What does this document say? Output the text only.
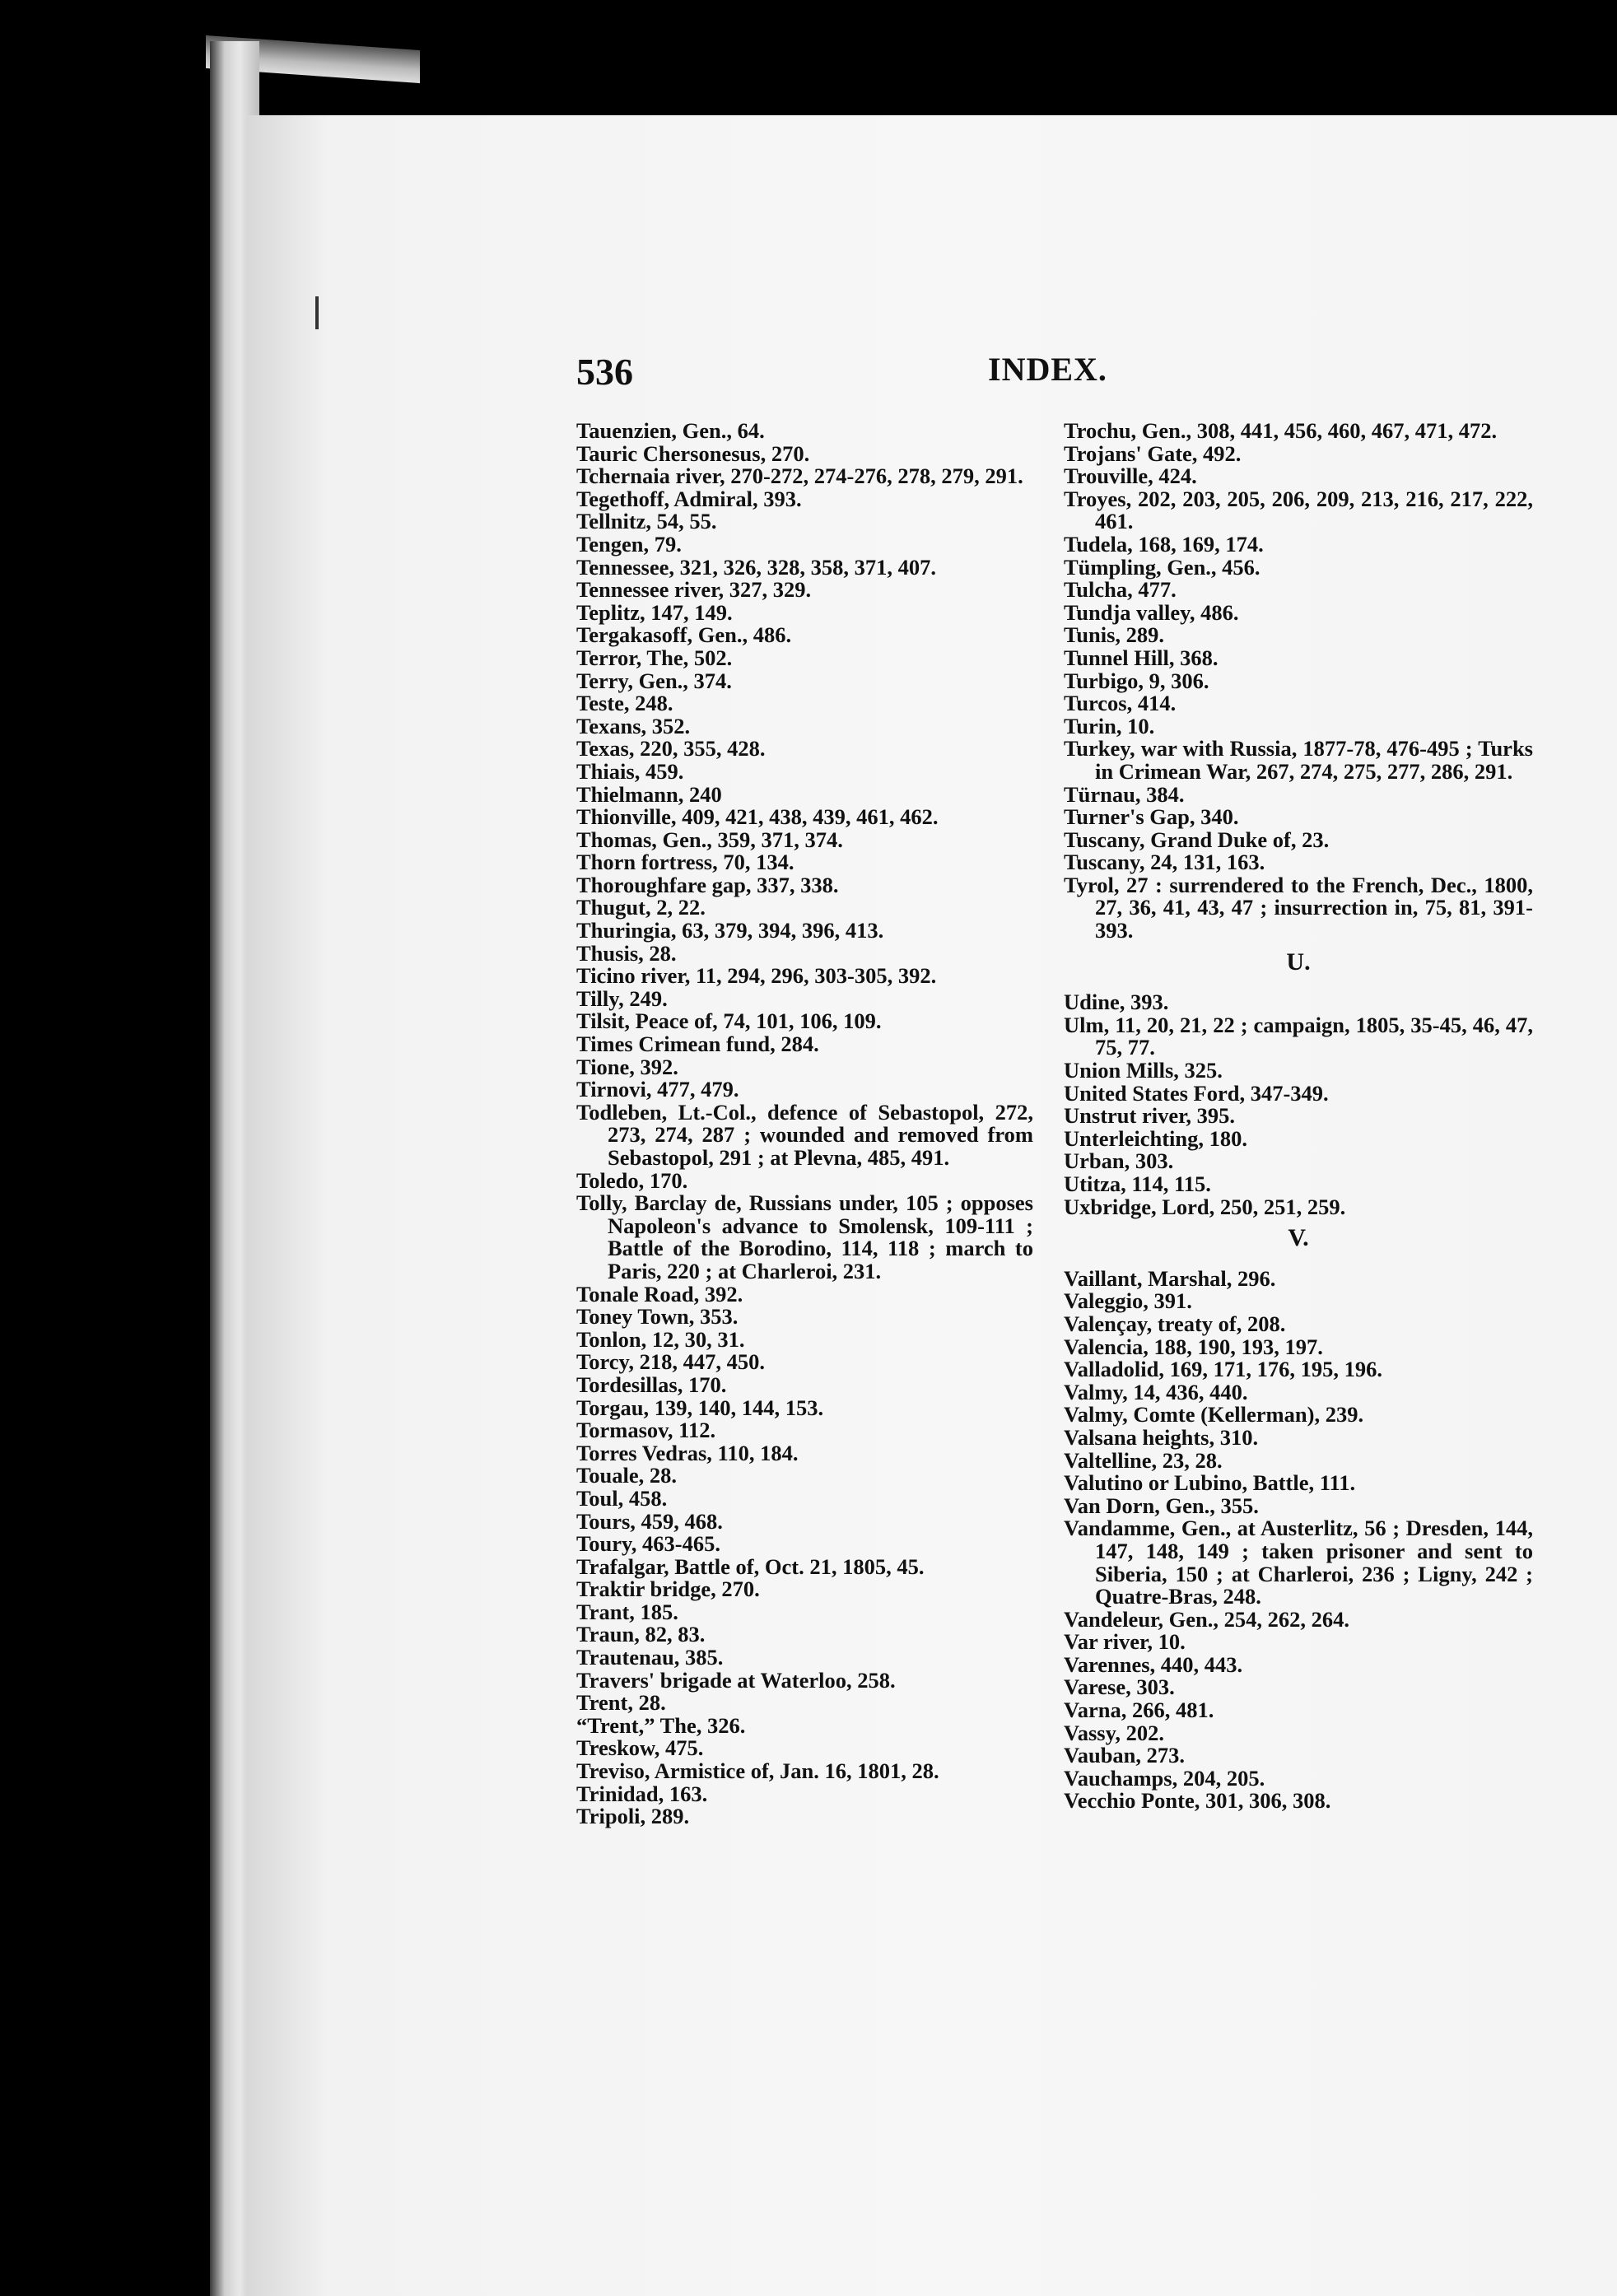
536	INDEX.
Tauenzien, Gen., 64.
Tauric Chersonesus, 270.
Tchernaia river, 270-272, 274-276, 278, 279, 291.
Tegethoff, Admiral, 393.
Tellnitz, 54, 55.
Tengen, 79.
Tennessee, 321, 326, 328, 358, 371, 407.
Tennessee river, 327, 329.
Teplitz, 147, 149.
Tergakasoff, Gen., 486.
Terror, The, 502.
Terry, Gen., 374.
Teste, 248.
Texans, 352.
Texas, 220, 355, 428.
Thiais, 459.
Thielmann, 240
Thionville, 409, 421, 438, 439, 461, 462.
Thomas, Gen., 359, 371, 374.
Thorn fortress, 70, 134.
Thoroughfare gap, 337, 338.
Thugut, 2, 22.
Thuringia, 63, 379, 394, 396, 413.
Thusis, 28.
Ticino river, 11, 294, 296, 303-305, 392.
Tilly, 249.
Tilsit, Peace of, 74, 101, 106, 109.
Times Crimean fund, 284.
Tione, 392.
Tirnovi, 477, 479.
Todleben, Lt.-Col., defence of Sebastopol, 272, 273, 274, 287 ; wounded and removed from Sebastopol, 291 ; at Plevna, 485, 491.
Toledo, 170.
Tolly, Barclay de, Russians under, 105 ; opposes Napoleon's advance to Smolensk, 109-111 ; Battle of the Borodino, 114, 118 ; march to Paris, 220 ; at Charleroi, 231.
Tonale Road, 392.
Toney Town, 353.
Tonlon, 12, 30, 31.
Torcy, 218, 447, 450.
Tordesillas, 170.
Torgau, 139, 140, 144, 153.
Tormasov, 112.
Torres Vedras, 110, 184.
Touale, 28.
Toul, 458.
Tours, 459, 468.
Toury, 463-465.
Trafalgar, Battle of, Oct. 21, 1805, 45.
Traktir bridge, 270.
Trant, 185.
Traun, 82, 83.
Trautenau, 385.
Travers' brigade at Waterloo, 258.
Trent, 28.
“Trent,” The, 326.
Treskow, 475.
Treviso, Armistice of, Jan. 16, 1801, 28.
Trinidad, 163.
Tripoli, 289.
Trochu, Gen., 308, 441, 456, 460, 467, 471, 472.
Trojans' Gate, 492.
Trouville, 424.
Troyes, 202, 203, 205, 206, 209, 213, 216, 217, 222, 461.
Tudela, 168, 169, 174.
Tümpling, Gen., 456.
Tulcha, 477.
Tundja valley, 486.
Tunis, 289.
Tunnel Hill, 368.
Turbigo, 9, 306.
Turcos, 414.
Turin, 10.
Turkey, war with Russia, 1877-78, 476-495 ; Turks in Crimean War, 267, 274, 275, 277, 286, 291.
Türnau, 384.
Turner's Gap, 340.
Tuscany, Grand Duke of, 23.
Tuscany, 24, 131, 163.
Tyrol, 27 : surrendered to the French, Dec., 1800, 27, 36, 41, 43, 47 ; insurrection in, 75, 81, 391-393.
U.
Udine, 393.
Ulm, 11, 20, 21, 22 ; campaign, 1805, 35-45, 46, 47, 75, 77.
Union Mills, 325.
United States Ford, 347-349.
Unstrut river, 395.
Unterleichting, 180.
Urban, 303.
Utitza, 114, 115.
Uxbridge, Lord, 250, 251, 259.
V.
Vaillant, Marshal, 296.
Valeggio, 391.
Valençay, treaty of, 208.
Valencia, 188, 190, 193, 197.
Valladolid, 169, 171, 176, 195, 196.
Valmy, 14, 436, 440.
Valmy, Comte (Kellerman), 239.
Valsana heights, 310.
Valtelline, 23, 28.
Valutino or Lubino, Battle, 111.
Van Dorn, Gen., 355.
Vandamme, Gen., at Austerlitz, 56 ; Dresden, 144, 147, 148, 149 ; taken prisoner and sent to Siberia, 150 ; at Charleroi, 236 ; Ligny, 242 ; Quatre-Bras, 248.
Vandeleur, Gen., 254, 262, 264.
Var river, 10.
Varennes, 440, 443.
Varese, 303.
Varna, 266, 481.
Vassy, 202.
Vauban, 273.
Vauchamps, 204, 205.
Vecchio Ponte, 301, 306, 308.
